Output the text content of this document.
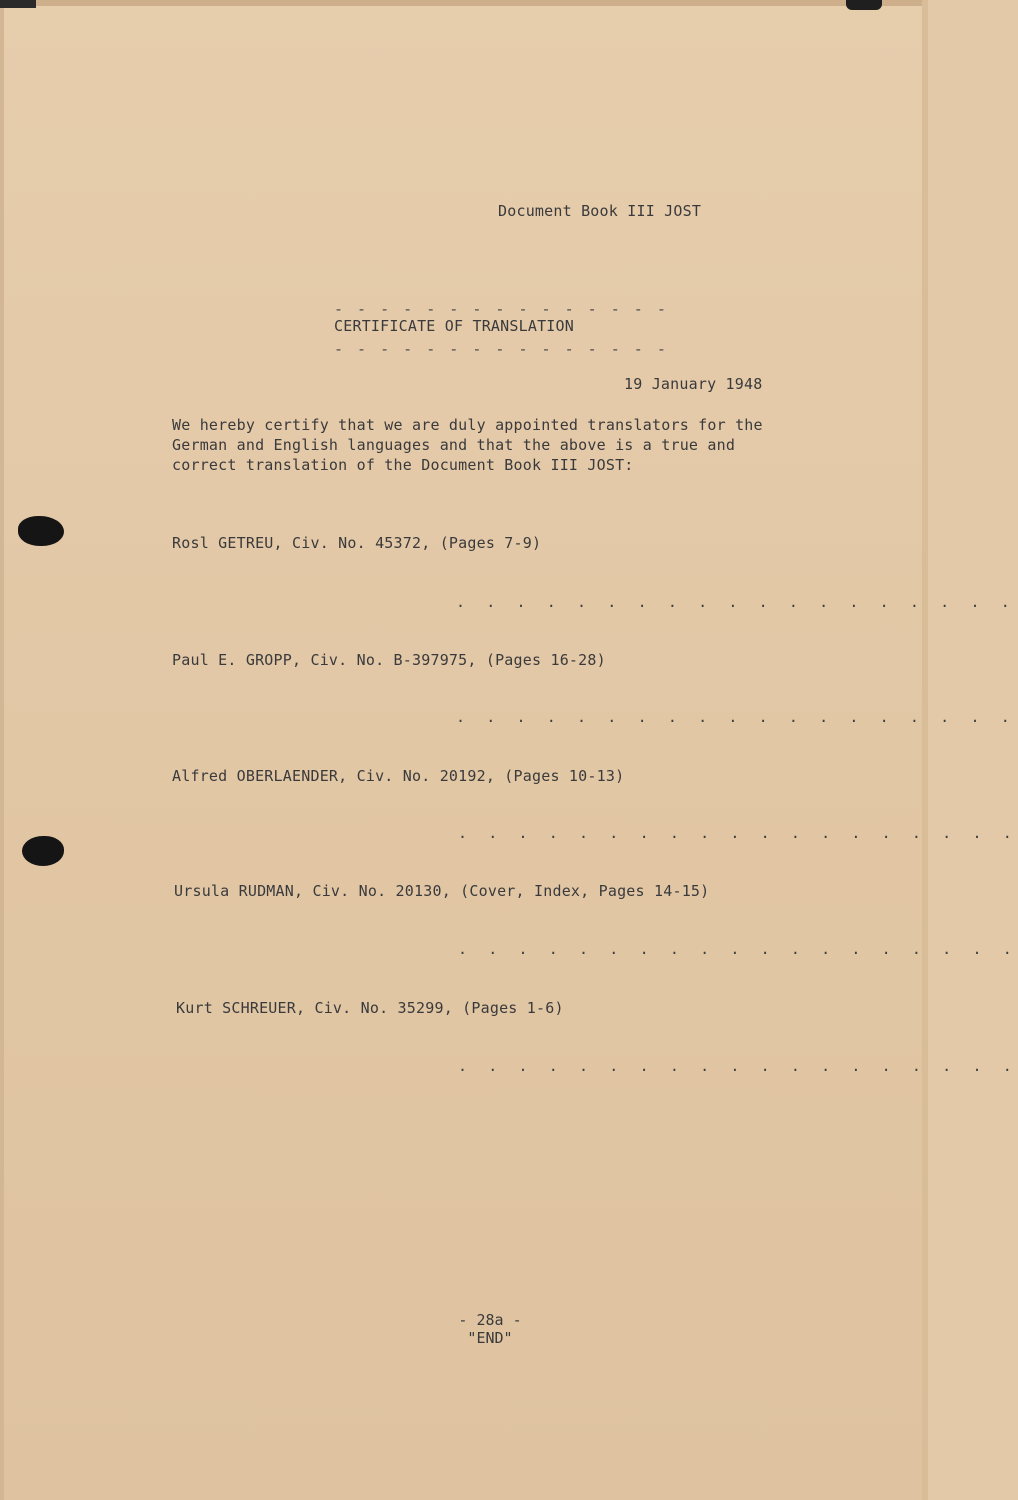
Document Book III JOST
- - - - - - - - - - - - - - -
CERTIFICATE OF TRANSLATION
- - - - - - - - - - - - - - -
19 January 1948
We hereby certify that we are duly appointed translators for the
German and English languages and that the above is a true and
correct translation of the Document Book III JOST:
Rosl GETREU, Civ. No. 45372, (Pages 7-9)
. . . . . . . . . . . . . . . . . . .
Paul E. GROPP, Civ. No. B-397975, (Pages 16-28)
. . . . . . . . . . . . . . . . . . .
Alfred OBERLAENDER, Civ. No. 20192, (Pages 10-13)
. . . . . . . . . . . . . . . . . . .
Ursula RUDMAN, Civ. No. 20130, (Cover, Index, Pages 14-15)
. . . . . . . . . . . . . . . . . . .
Kurt SCHREUER, Civ. No. 35299, (Pages 1-6)
. . . . . . . . . . . . . . . . . . .
- 28a -
"END"
